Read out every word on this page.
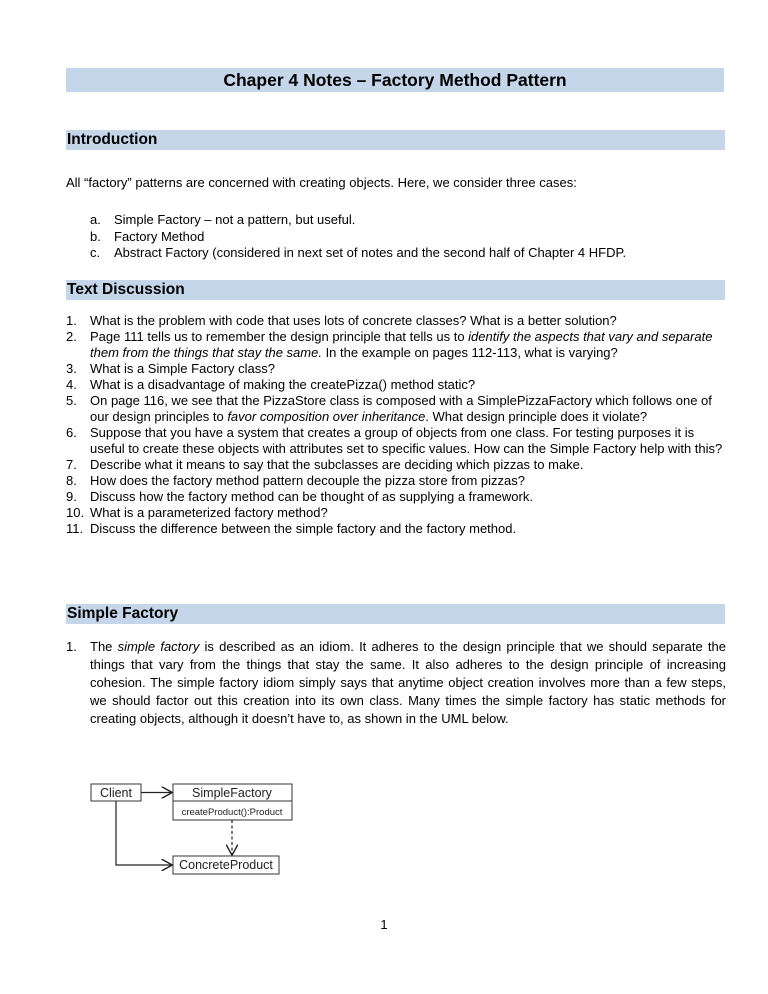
Chaper 4 Notes – Factory Method Pattern
Introduction
All “factory” patterns are concerned with creating objects. Here, we consider three cases:
a. Simple Factory – not a pattern, but useful.
b. Factory Method
c. Abstract Factory (considered in next set of notes and the second half of Chapter 4 HFDP.
Text Discussion
1. What is the problem with code that uses lots of concrete classes? What is a better solution?
2. Page 111 tells us to remember the design principle that tells us to identify the aspects that vary and separate them from the things that stay the same. In the example on pages 112-113, what is varying?
3. What is a Simple Factory class?
4. What is a disadvantage of making the createPizza() method static?
5. On page 116, we see that the PizzaStore class is composed with a SimplePizzaFactory which follows one of our design principles to favor composition over inheritance. What design principle does it violate?
6. Suppose that you have a system that creates a group of objects from one class. For testing purposes it is useful to create these objects with attributes set to specific values. How can the Simple Factory help with this?
7. Describe what it means to say that the subclasses are deciding which pizzas to make.
8. How does the factory method pattern decouple the pizza store from pizzas?
9. Discuss how the factory method can be thought of as supplying a framework.
10. What is a parameterized factory method?
11. Discuss the difference between the simple factory and the factory method.
Simple Factory
1. The simple factory is described as an idiom. It adheres to the design principle that we should separate the things that vary from the things that stay the same. It also adheres to the design principle of increasing cohesion. The simple factory idiom simply says that anytime object creation involves more than a few steps, we should factor out this creation into its own class. Many times the simple factory has static methods for creating objects, although it doesn’t have to, as shown in the UML below.
Client	SimpleFactory
createProduct():Product
ConcreteProduct
1
